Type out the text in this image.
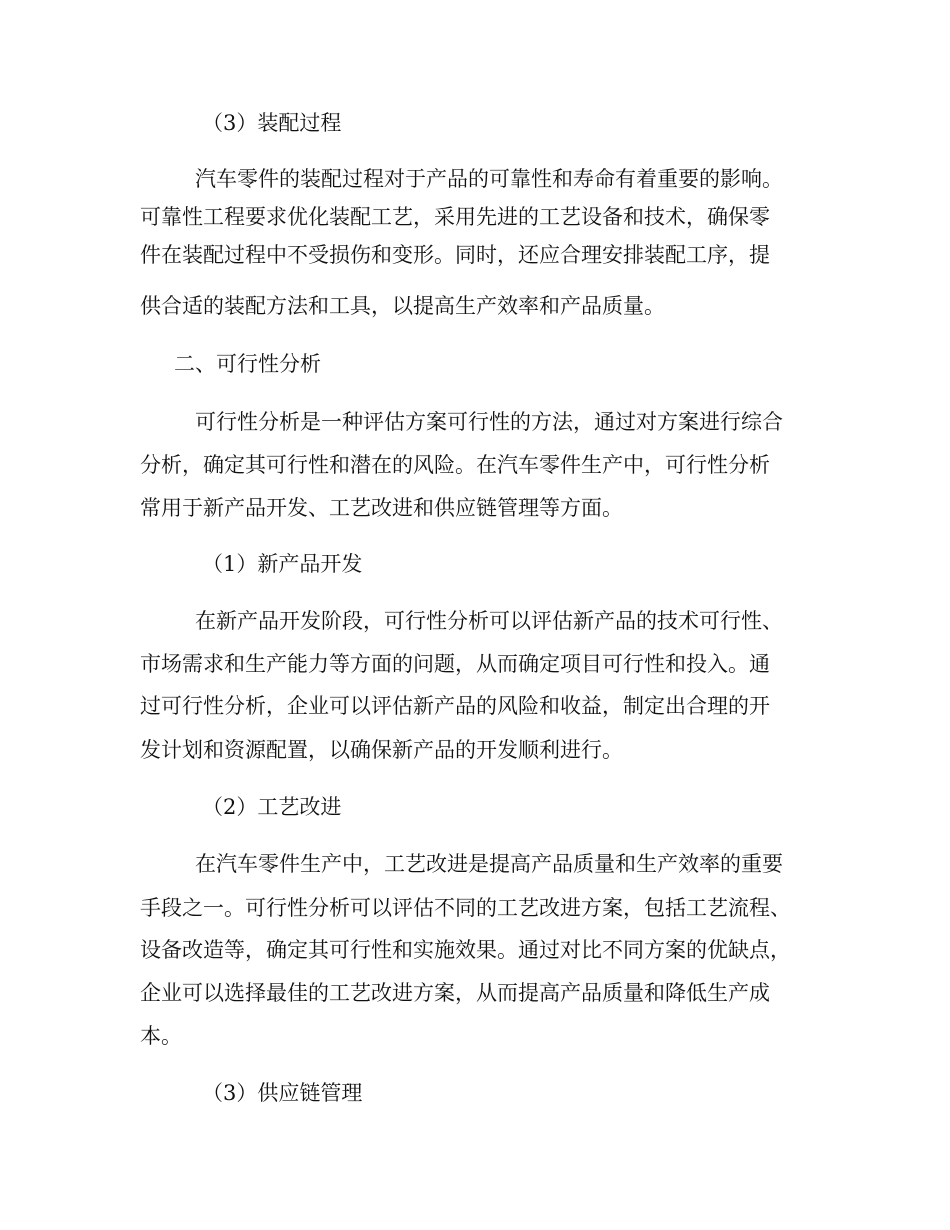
（3）装配过程

汽车零件的装配过程对于产品的可靠性和寿命有着重要的影响。

可靠性工程要求优化装配工艺，采用先进的工艺设备和技术，确保零

件在装配过程中不受损伤和变形。同时，还应合理安排装配工序，提

供合适的装配方法和工具，以提高生产效率和产品质量。

二、可行性分析

可行性分析是一种评估方案可行性的方法，通过对方案进行综合

分析，确定其可行性和潜在的风险。在汽车零件生产中，可行性分析

常用于新产品开发、工艺改进和供应链管理等方面。

（1）新产品开发

在新产品开发阶段，可行性分析可以评估新产品的技术可行性、

市场需求和生产能力等方面的问题，从而确定项目可行性和投入。通

过可行性分析，企业可以评估新产品的风险和收益，制定出合理的开

发计划和资源配置，以确保新产品的开发顺利进行。

（2）工艺改进

在汽车零件生产中，工艺改进是提高产品质量和生产效率的重要

手段之一。可行性分析可以评估不同的工艺改进方案，包括工艺流程、

设备改造等，确定其可行性和实施效果。通过对比不同方案的优缺点，

企业可以选择最佳的工艺改进方案，从而提高产品质量和降低生产成

本。

（3）供应链管理
